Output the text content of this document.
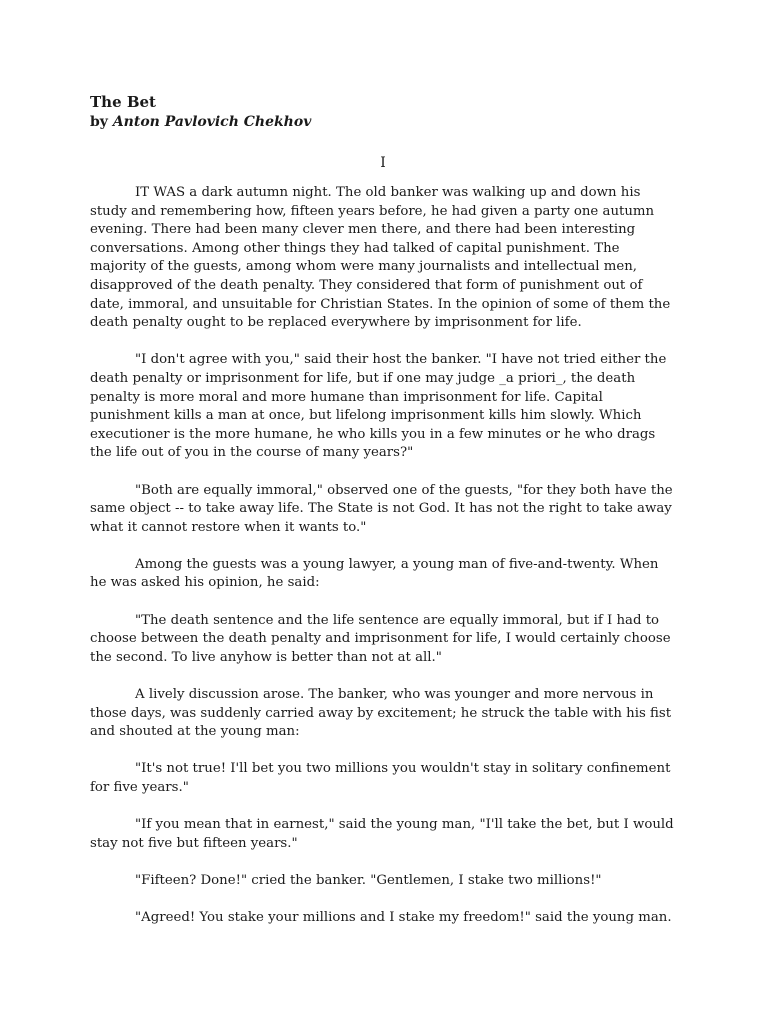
The Bet
by Anton Pavlovich Chekhov
I

IT WAS a dark autumn night. The old banker was walking up and down his study and remembering how, fifteen years before, he had given a party one autumn evening. There had been many clever men there, and there had been interesting conversations. Among other things they had talked of capital punishment. The majority of the guests, among whom were many journalists and intellectual men, disapproved of the death penalty. They considered that form of punishment out of date, immoral, and unsuitable for Christian States. In the opinion of some of them the death penalty ought to be replaced everywhere by imprisonment for life.

"I don't agree with you," said their host the banker. "I have not tried either the death penalty or imprisonment for life, but if one may judge _a priori_, the death penalty is more moral and more humane than imprisonment for life. Capital punishment kills a man at once, but lifelong imprisonment kills him slowly. Which executioner is the more humane, he who kills you in a few minutes or he who drags the life out of you in the course of many years?"

"Both are equally immoral," observed one of the guests, "for they both have the same object -- to take away life. The State is not God. It has not the right to take away what it cannot restore when it wants to."

Among the guests was a young lawyer, a young man of five-and-twenty. When he was asked his opinion, he said:

"The death sentence and the life sentence are equally immoral, but if I had to choose between the death penalty and imprisonment for life, I would certainly choose the second. To live anyhow is better than not at all."

A lively discussion arose. The banker, who was younger and more nervous in those days, was suddenly carried away by excitement; he struck the table with his fist and shouted at the young man:

"It's not true! I'll bet you two millions you wouldn't stay in solitary confinement for five years."

"If you mean that in earnest," said the young man, "I'll take the bet, but I would stay not five but fifteen years."

"Fifteen? Done!" cried the banker. "Gentlemen, I stake two millions!"

"Agreed! You stake your millions and I stake my freedom!" said the young man.
